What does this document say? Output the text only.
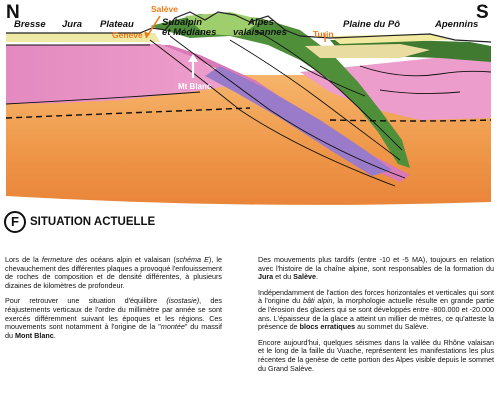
N	S
Bresse Jura Plateau	Subalpin
et Médianes
Alpes
valaisannes
Plaine du Pô	Apennins
Salève
Genève	Turin
Mt Blanc
F SITUATION ACTUELLE

Lors de la fermeture des océans alpin et valaisan (schéma E), le chevauchement des différentes plaques a provoqué l'enfouissement de roches de composition et de densité différentes, à plusieurs dizaines de kilomètres de profondeur.

Pour retrouver une situation d'équilibre (isostasie), des réajustements verticaux de l'ordre du millimètre par année se sont exercés différemment suivant les époques et les régions. Ces mouvements sont notamment à l'origine de la "montée" du massif du Mont Blanc.

Des mouvements plus tardifs (entre -10 et -5 MA), toujours en relation avec l'histoire de la chaîne alpine, sont responsables de la formation du Jura et du Salève.

Indépendamment de l'action des forces horizontales et verticales qui sont à l'origine du bâti alpin, la morphologie actuelle résulte en grande partie de l'érosion des glaciers qui se sont développés entre -800.000 et -20.000 ans. L'épaisseur de la glace a atteint un millier de mètres, ce qu'atteste la présence de blocs erratiques au sommet du Salève.

Encore aujourd'hui, quelques séismes dans la vallée du Rhône valaisan et le long de la faille du Vuache, représentent les manifestations les plus récentes de la genèse de cette portion des Alpes visible depuis le sommet du Grand Salève.
